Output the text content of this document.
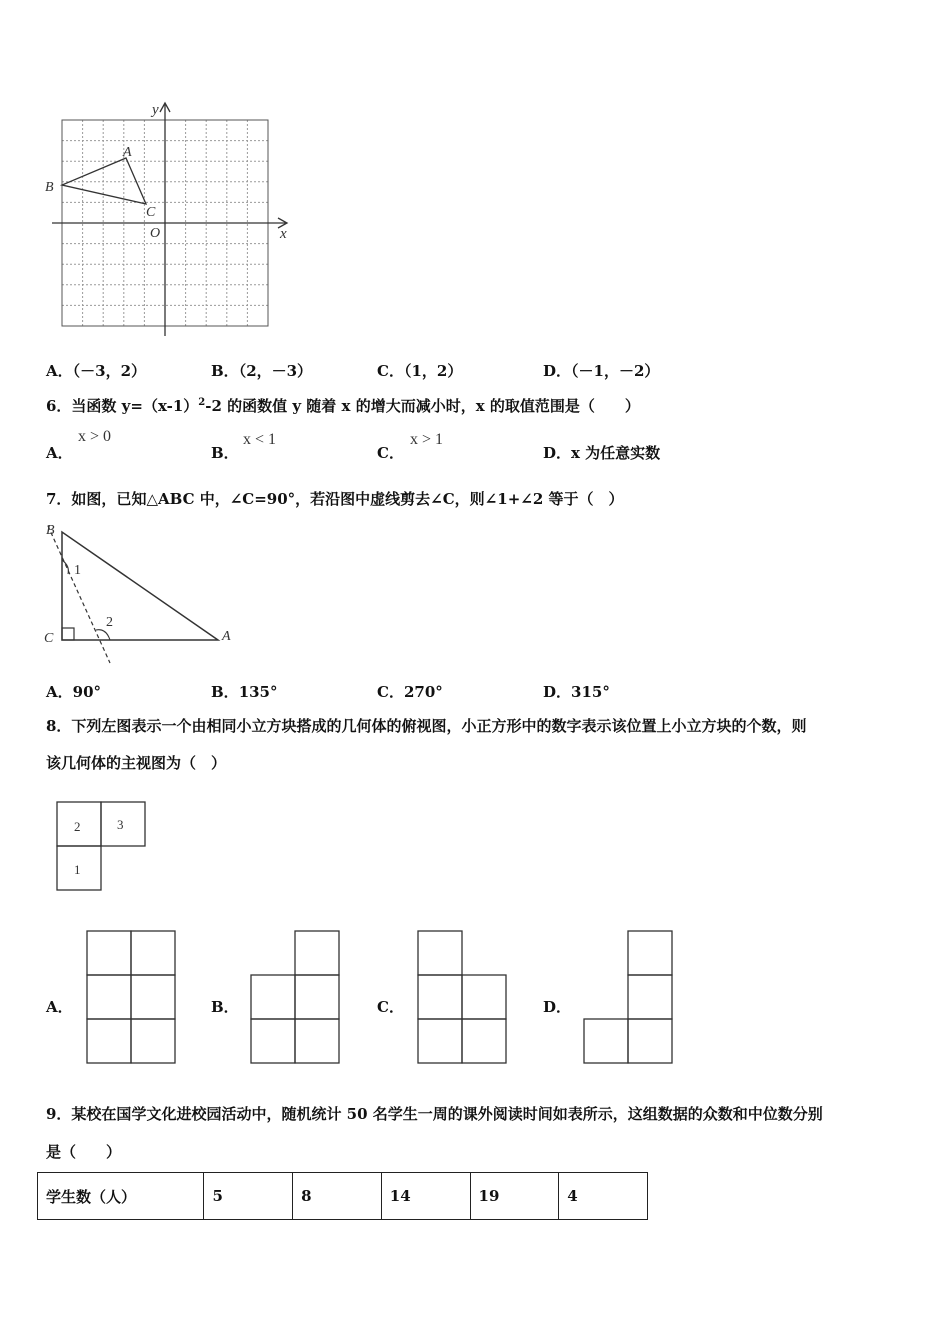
y
x
O
A
B
C
A．（－3，2）	B．（2，－3）	C．（1，2）	D．（－1，－2）
6．当函数 $y=(x-1)^2-2$ 的函数值 y 随着 x 的增大而减小时，x 的取值范围是（　　）
A．
x > 0
B．
x < 1
C．
x > 1
D．x 为任意实数
7．如图，已知△ABC 中，∠C=90°，若沿图中虚线剪去∠C，则∠1+∠2 等于（　）
B
C	A
1
2
A．90°	B．135°	C．270°	D．315°
8．下列左图表示一个由相同小立方块搭成的几何体的俯视图，小正方形中的数字表示该位置上小立方块的个数，则
该几何体的主视图为（　）
2	3
1
A．	B．	C．	D．
9．某校在国学文化进校园活动中，随机统计 50 名学生一周的课外阅读时间如表所示，这组数据的众数和中位数分别
是（　　）
学生数（人）	5	8	14	19	4
